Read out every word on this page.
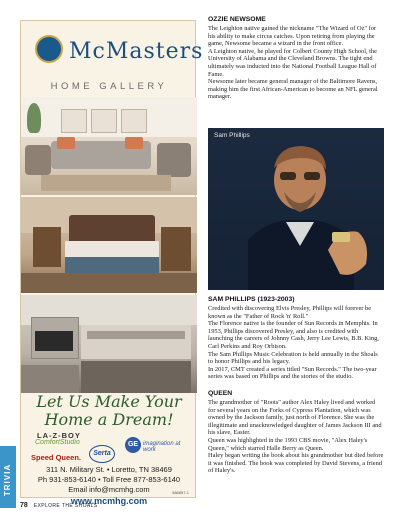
McMasters
HOME GALLERY
Let Us Make Your
Home a Dream!
LA-Z-BOY
ComfortStudio
Speed Queen.	Serta
GE imagination at work
311 N. Military St. • Loretto, TN 38469
Ph 931-853-6140 • Toll Free 877-853-6140
Email info@mcmhg.com
www.mcmhg.com
986857-1
TRIVIA
78 EXPLORE THE SHOALS
OZZIE NEWSOME

The Leighton native gained the nickname "The Wizard of Oz" for his ability to make circus catches. Upon retiring from playing the game, Newsome became a wizard in the front office.

A Leighton native, he played for Colbert County High School, the University of Alabama and the Cleveland Browns. The tight end ultimately was inducted into the National Football League Hall of Fame.

Newsome later became general manager of the Baltimore Ravens, making him the first African-American to become an NFL general manager.

Sam Phillips
SAM PHILLIPS (1923-2003)

Credited with discovering Elvis Presley, Phillips will forever be known as the "Father of Rock 'n' Roll."

The Florence native is the founder of Sun Records in Memphis. In 1953, Phillips discovered Presley, and also is credited with launching the careers of Johnny Cash, Jerry Lee Lewis, B.B. King, Carl Perkins and Roy Orbison.

The Sam Phillips Music Celebration is held annually in the Shoals to honor Phillips and his legacy.

In 2017, CMT created a series titled "Sun Records." The two-year series was based on Phillips and the stories of the studio.

QUEEN

The grandmother of "Roots" author Alex Haley lived and worked for several years on the Forks of Cypress Plantation, which was owned by the Jackson family, just north of Florence. She was the illegitimate and unacknowledged daughter of James Jackson III and his slave, Easter.

Queen was highlighted in the 1993 CBS movie, "Alex Haley's Queen," which starred Halle Berry as Queen.

Haley began writing the book about his grandmother but died before it was finished. The book was completed by David Stevens, a friend of Haley's.
